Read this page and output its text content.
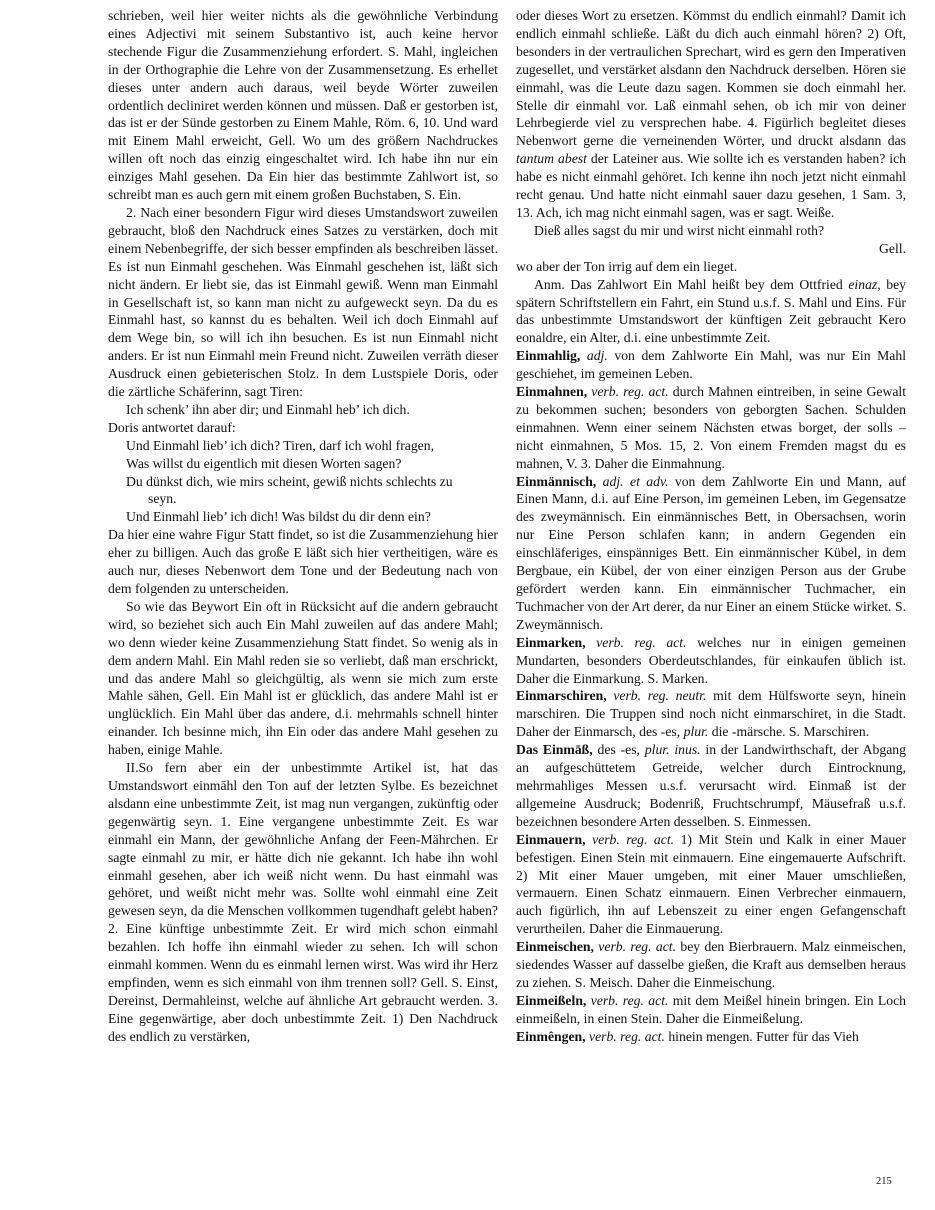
schrieben, weil hier weiter nichts als die gewöhnliche Verbindung eines Adjectivi mit seinem Substantivo ist, auch keine hervor stechende Figur die Zusammenziehung erfordert. S. Mahl, ingleichen in der Orthographie die Lehre von der Zusammensetzung. Es erhellet dieses unter andern auch daraus, weil beyde Wörter zuweilen ordentlich decliniret werden können und müssen. Daß er gestorben ist, das ist er der Sünde gestorben zu Einem Mahle, Röm. 6, 10. Und ward mit Einem Mahl erweicht, Gell. Wo um des größern Nachdruckes willen oft noch das einzig eingeschaltet wird. Ich habe ihn nur ein einziges Mahl gesehen. Da Ein hier das bestimmte Zahlwort ist, so schreibt man es auch gern mit einem großen Buchstaben, S. Ein.

2. Nach einer besondern Figur wird dieses Umstandswort zuweilen gebraucht, bloß den Nachdruck eines Satzes zu verstärken, doch mit einem Nebenbegriffe, der sich besser empfinden als beschreiben lässet. Es ist nun Einmahl geschehen. Was Einmahl geschehen ist, läßt sich nicht ändern. Er liebt sie, das ist Einmahl gewiß. Wenn man Einmahl in Gesellschaft ist, so kann man nicht zu aufgeweckt seyn. Da du es Einmahl hast, so kannst du es behalten. Weil ich doch Einmahl auf dem Wege bin, so will ich ihn besuchen. Es ist nun Einmahl nicht anders. Er ist nun Einmahl mein Freund nicht. Zuweilen verräth dieser Ausdruck einen gebieterischen Stolz. In dem Lustspiele Doris, oder die zärtliche Schäferinn, sagt Tiren:

Ich schenk’ ihn aber dir; und Einmahl heb’ ich dich.

Doris antwortet darauf:

Und Einmahl lieb’ ich dich? Tiren, darf ich wohl fragen,

Was willst du eigentlich mit diesen Worten sagen?

Du dünkst dich, wie mirs scheint, gewiß nichts schlechts zu

seyn.

Und Einmahl lieb’ ich dich! Was bildst du dir denn ein?

Da hier eine wahre Figur Statt findet, so ist die Zusammenziehung hier eher zu billigen. Auch das große E läßt sich hier vertheitigen, wäre es auch nur, dieses Nebenwort dem Tone und der Bedeutung nach von dem folgenden zu unterscheiden.

So wie das Beywort Ein oft in Rücksicht auf die andern gebraucht wird, so beziehet sich auch Ein Mahl zuweilen auf das andere Mahl; wo denn wieder keine Zusammenziehung Statt findet. So wenig als in dem andern Mahl. Ein Mahl reden sie so verliebt, daß man erschrickt, und das andere Mahl so gleichgültig, als wenn sie mich zum erste Mahle sähen, Gell. Ein Mahl ist er glücklich, das andere Mahl ist er unglücklich. Ein Mahl über das andere, d.i. mehrmahls schnell hinter einander. Ich besinne mich, ihn Ein oder das andere Mahl gesehen zu haben, einige Mahle.

II.So fern aber ein der unbestimmte Artikel ist, hat das Umstandswort einmāhl den Ton auf der letzten Sylbe. Es bezeichnet alsdann eine unbestimmte Zeit, ist mag nun vergangen, zukünftig oder gegenwärtig seyn. 1. Eine vergangene unbestimmte Zeit. Es war einmahl ein Mann, der gewöhnliche Anfang der Feen-Mährchen. Er sagte einmahl zu mir, er hätte dich nie gekannt. Ich habe ihn wohl einmahl gesehen, aber ich weiß nicht wenn. Du hast einmahl was gehöret, und weißt nicht mehr was. Sollte wohl einmahl eine Zeit gewesen seyn, da die Menschen vollkommen tugendhaft gelebt haben? 2. Eine künftige unbestimmte Zeit. Er wird mich schon einmahl bezahlen. Ich hoffe ihn einmahl wieder zu sehen. Ich will schon einmahl kommen. Wenn du es einmahl lernen wirst. Was wird ihr Herz empfinden, wenn es sich einmahl von ihm trennen soll? Gell. S. Einst, Dereinst, Dermahleinst, welche auf ähnliche Art gebraucht werden. 3. Eine gegenwärtige, aber doch unbestimmte Zeit. 1) Den Nachdruck des endlich zu verstärken,

oder dieses Wort zu ersetzen. Kömmst du endlich einmahl? Damit ich endlich einmahl schließe. Läßt du dich auch einmahl hören? 2) Oft, besonders in der vertraulichen Sprechart, wird es gern den Imperativen zugesellet, und verstärket alsdann den Nachdruck derselben. Hören sie einmahl, was die Leute dazu sagen. Kommen sie doch einmahl her. Stelle dir einmahl vor. Laß einmahl sehen, ob ich mir von deiner Lehrbegierde viel zu versprechen habe. 4. Figürlich begleitet dieses Nebenwort gerne die verneinenden Wörter, und druckt alsdann das tantum abest der Lateiner aus. Wie sollte ich es verstanden haben? ich habe es nicht einmahl gehöret. Ich kenne ihn noch jetzt nicht einmahl recht genau. Und hatte nicht einmahl sauer dazu gesehen, 1 Sam. 3, 13. Ach, ich mag nicht einmahl sagen, was er sagt. Weiße.

Dieß alles sagst du mir und wirst nicht einmahl roth?

Gell.

wo aber der Ton irrig auf dem ein lieget.

Anm. Das Zahlwort Ein Mahl heißt bey dem Ottfried einaz, bey spätern Schriftstellern ein Fahrt, ein Stund u.s.f. S. Mahl und Eins. Für das unbestimmte Umstandswort der künftigen Zeit gebraucht Kero eonaldre, ein Alter, d.i. eine unbestimmte Zeit.

Einmahlig, adj. von dem Zahlworte Ein Mahl, was nur Ein Mahl geschiehet, im gemeinen Leben.

Einmahnen, verb. reg. act. durch Mahnen eintreiben, in seine Gewalt zu bekommen suchen; besonders von geborgten Sachen. Schulden einmahnen. Wenn einer seinem Nächsten etwas borget, der solls – nicht einmahnen, 5 Mos. 15, 2. Von einem Fremden magst du es mahnen, V. 3. Daher die Einmahnung.

Einmännisch, adj. et adv. von dem Zahlworte Ein und Mann, auf Einen Mann, d.i. auf Eine Person, im gemeinen Leben, im Gegensatze des zweymännisch. Ein einmännisches Bett, in Obersachsen, worin nur Eine Person schlafen kann; in andern Gegenden ein einschläferiges, einspänniges Bett. Ein einmännischer Kübel, in dem Bergbaue, ein Kübel, der von einer einzigen Person aus der Grube gefördert werden kann. Ein einmännischer Tuchmacher, ein Tuchmacher von der Art derer, da nur Einer an einem Stücke wirket. S. Zweymännisch.

Einmarken, verb. reg. act. welches nur in einigen gemeinen Mundarten, besonders Oberdeutschlandes, für einkaufen üblich ist. Daher die Einmarkung. S. Marken.

Einmarschiren, verb. reg. neutr. mit dem Hülfsworte seyn, hinein marschiren. Die Truppen sind noch nicht einmarschiret, in die Stadt. Daher der Einmarsch, des -es, plur. die -märsche. S. Marschiren.

Das Einmāß, des -es, plur. inus. in der Landwirthschaft, der Abgang an aufgeschüttetem Getreide, welcher durch Eintrocknung, mehrmahliges Messen u.s.f. verursacht wird. Einmaß ist der allgemeine Ausdruck; Bodenriß, Fruchtschrumpf, Mäusefraß u.s.f. bezeichnen besondere Arten desselben. S. Einmessen.

Einmauern, verb. reg. act. 1) Mit Stein und Kalk in einer Mauer befestigen. Einen Stein mit einmauern. Eine eingemauerte Aufschrift. 2) Mit einer Mauer umgeben, mit einer Mauer umschließen, vermauern. Einen Schatz einmauern. Einen Verbrecher einmauern, auch figürlich, ihn auf Lebenszeit zu einer engen Gefangenschaft verurtheilen. Daher die Einmauerung.

Einmeischen, verb. reg. act. bey den Bierbrauern. Malz einmeischen, siedendes Wasser auf dasselbe gießen, die Kraft aus demselben heraus zu ziehen. S. Meisch. Daher die Einmeischung.

Einmeißeln, verb. reg. act. mit dem Meißel hinein bringen. Ein Loch einmeißeln, in einen Stein. Daher die Einmeißelung.

Einmêngen, verb. reg. act. hinein mengen. Futter für das Vieh

215
